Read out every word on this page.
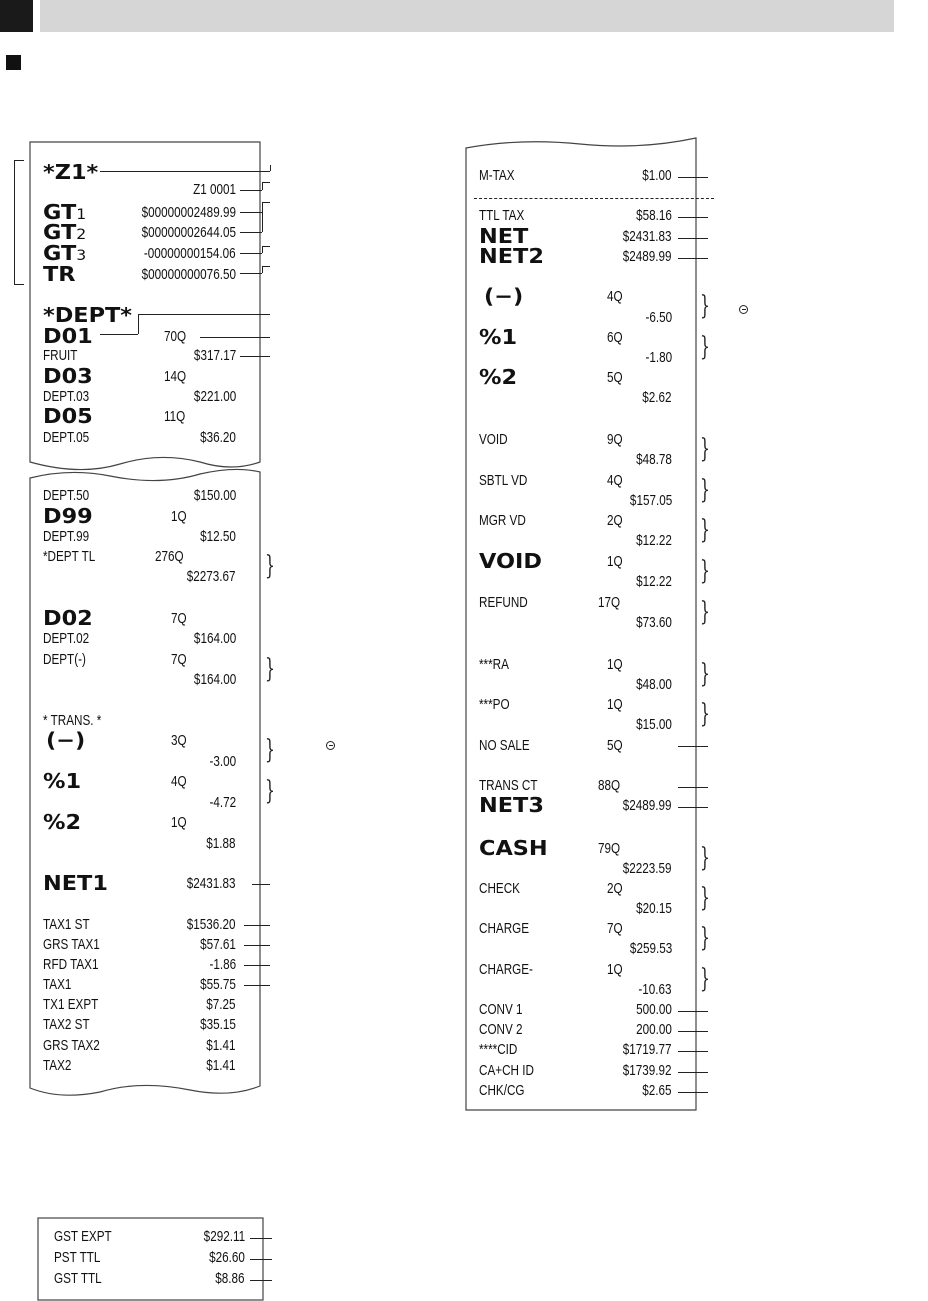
*Z1*
Z1 0001
GT1	$00000002489.99
GT2	$00000002644.05
GT3	-00000000154.06
TR	$00000000076.50
*DEPT*
D01	70Q
FRUIT	$317.17
D03	14Q
DEPT.03	$221.00
D05	11Q
DEPT.05	$36.20
DEPT.50	$150.00
D99	1Q
DEPT.99	$12.50
*DEPT TL	276Q
$2273.67
D02	7Q
DEPT.02	$164.00
DEPT(-)	7Q
$164.00
* TRANS. *
(−)	3Q
-3.00
%1	4Q
-4.72
%2	1Q
$1.88
NET1	$2431.83
TAX1 ST	$1536.20
GRS TAX1	$57.61
RFD TAX1	-1.86
TAX1	$55.75
TX1 EXPT	$7.25
TAX2 ST	$35.15
GRS TAX2	$1.41
TAX2	$1.41
}
}
}
}
M-TAX	$1.00
TTL TAX	$58.16
NET	$2431.83
NET2	$2489.99
(−)	4Q
-6.50
%1	6Q
-1.80
%2	5Q
$2.62
VOID	9Q
$48.78
SBTL VD	4Q
$157.05
MGR VD	2Q
$12.22
VOID	1Q
$12.22
REFUND	17Q
$73.60
***RA	1Q
$48.00
***PO	1Q
$15.00
NO SALE	5Q
TRANS CT	88Q
NET3	$2489.99
CASH	79Q
$2223.59
CHECK	2Q
$20.15
CHARGE	7Q
$259.53
CHARGE-	1Q
-10.63
CONV 1	500.00
CONV 2	200.00
****CID	$1719.77
CA+CH ID	$1739.92
CHK/CG	$2.65
}
}
}
}
}
}
}
}
}
}
}
}
}
GST EXPT	$292.11
PST TTL	$26.60
GST TTL	$8.86
